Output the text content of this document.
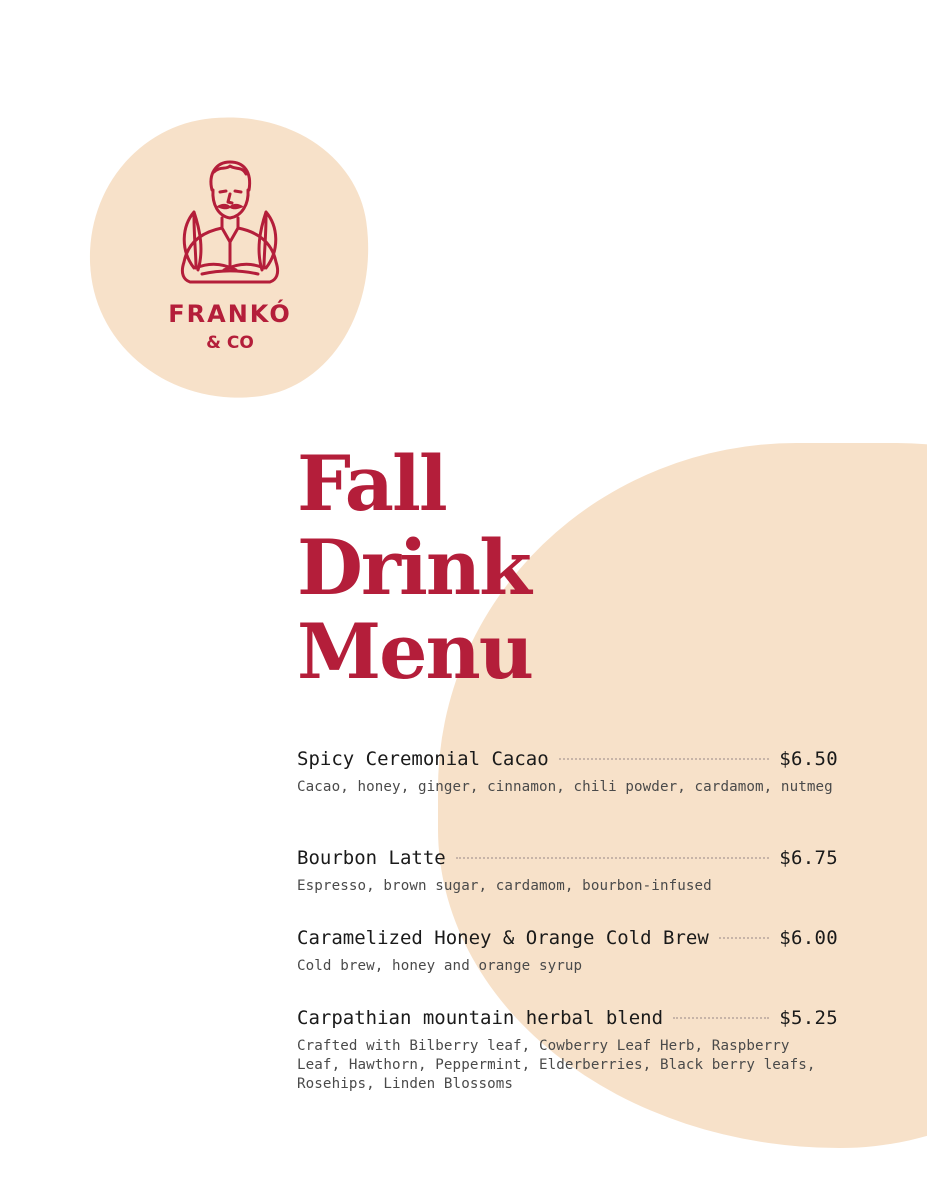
FRANKÓ
& CO
Fall
Drink
Menu
Spicy Ceremonial Cacao	$6.50
Cacao, honey, ginger, cinnamon, chili powder, cardamom, nutmeg
Bourbon Latte	$6.75
Espresso, brown sugar, cardamom, bourbon-infused
Caramelized Honey & Orange Cold Brew	$6.00
Cold brew, honey and orange syrup
Carpathian mountain herbal blend	$5.25
Crafted with Bilberry leaf, Cowberry Leaf Herb, Raspberry Leaf, Hawthorn, Peppermint, Elderberries, Black berry leafs, Rosehips, Linden Blossoms
